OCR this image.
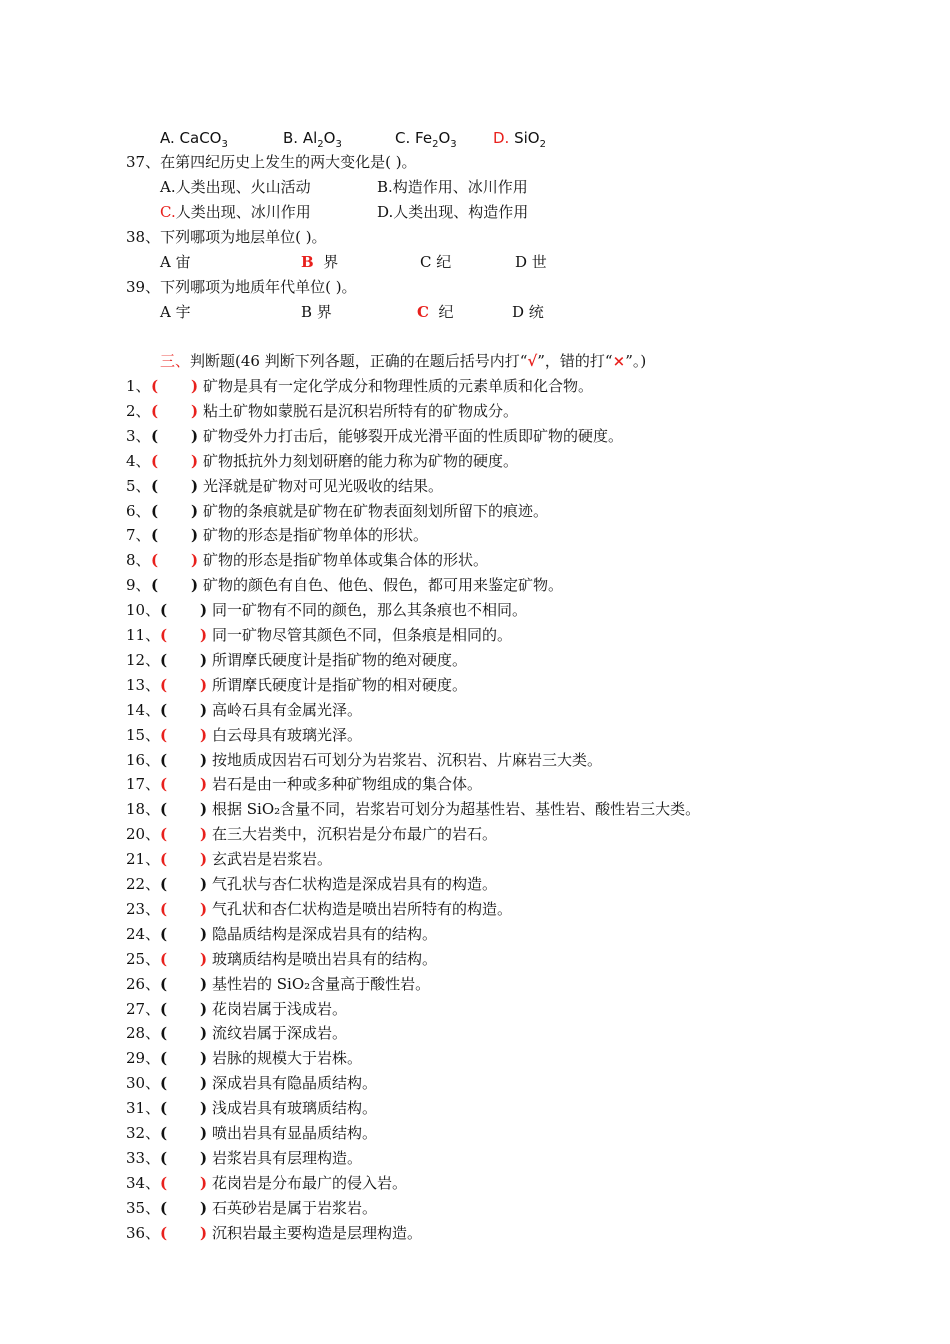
A. CaCO$_3$	B. $Al_2O_3$	C. $Fe_2O_3$ D. SiO$_2$
37、在第四纪历史上发生的两大变化是( )。
A.人类出现、火山活动	B.构造作用、冰川作用
C.人类出现、冰川作用	D.人类出现、构造作用
38、下列哪项为地层单位( )。
A 宙	B 界	C 纪	D 世
39、下列哪项为地质年代单位( )。
A 宇	B 界	C 纪	D 统
三、判断题(46 判断下列各题，正确的在题后括号内打“√”，错的打“×”。)
1、 ( ) 矿物是具有一定化学成分和物理性质的元素单质和化合物。
2、 ( ) 粘土矿物如蒙脱石是沉积岩所特有的矿物成分。
3、 ( ) 矿物受外力打击后，能够裂开成光滑平面的性质即矿物的硬度。
4、 ( ) 矿物抵抗外力刻划研磨的能力称为矿物的硬度。
5、 ( ) 光泽就是矿物对可见光吸收的结果。
6、 ( ) 矿物的条痕就是矿物在矿物表面刻划所留下的痕迹。
7、 ( ) 矿物的形态是指矿物单体的形状。
8、 ( ) 矿物的形态是指矿物单体或集合体的形状。
9、 ( ) 矿物的颜色有自色、他色、假色，都可用来鉴定矿物。
10、 ( ) 同一矿物有不同的颜色，那么其条痕也不相同。
11、 ( ) 同一矿物尽管其颜色不同，但条痕是相同的。
12、 ( ) 所谓摩氏硬度计是指矿物的绝对硬度。
13、 ( ) 所谓摩氏硬度计是指矿物的相对硬度。
14、 ( ) 高岭石具有金属光泽。
15、 ( ) 白云母具有玻璃光泽。
16、 ( ) 按地质成因岩石可划分为岩浆岩、沉积岩、片麻岩三大类。
17、 ( ) 岩石是由一种或多种矿物组成的集合体。
18、 ( ) 根据 SiO₂含量不同，岩浆岩可划分为超基性岩、基性岩、酸性岩三大类。
20、 ( ) 在三大岩类中，沉积岩是分布最广的岩石。
21、 ( ) 玄武岩是岩浆岩。
22、 ( ) 气孔状与杏仁状构造是深成岩具有的构造。
23、 ( ) 气孔状和杏仁状构造是喷出岩所特有的构造。
24、 ( ) 隐晶质结构是深成岩具有的结构。
25、 ( ) 玻璃质结构是喷出岩具有的结构。
26、 ( ) 基性岩的 SiO₂含量高于酸性岩。
27、 ( ) 花岗岩属于浅成岩。
28、 ( ) 流纹岩属于深成岩。
29、 ( ) 岩脉的规模大于岩株。
30、 ( ) 深成岩具有隐晶质结构。
31、 ( ) 浅成岩具有玻璃质结构。
32、 ( ) 喷出岩具有显晶质结构。
33、 ( ) 岩浆岩具有层理构造。
34、 ( ) 花岗岩是分布最广的侵入岩。
35、 ( ) 石英砂岩是属于岩浆岩。
36、 ( ) 沉积岩最主要构造是层理构造。
